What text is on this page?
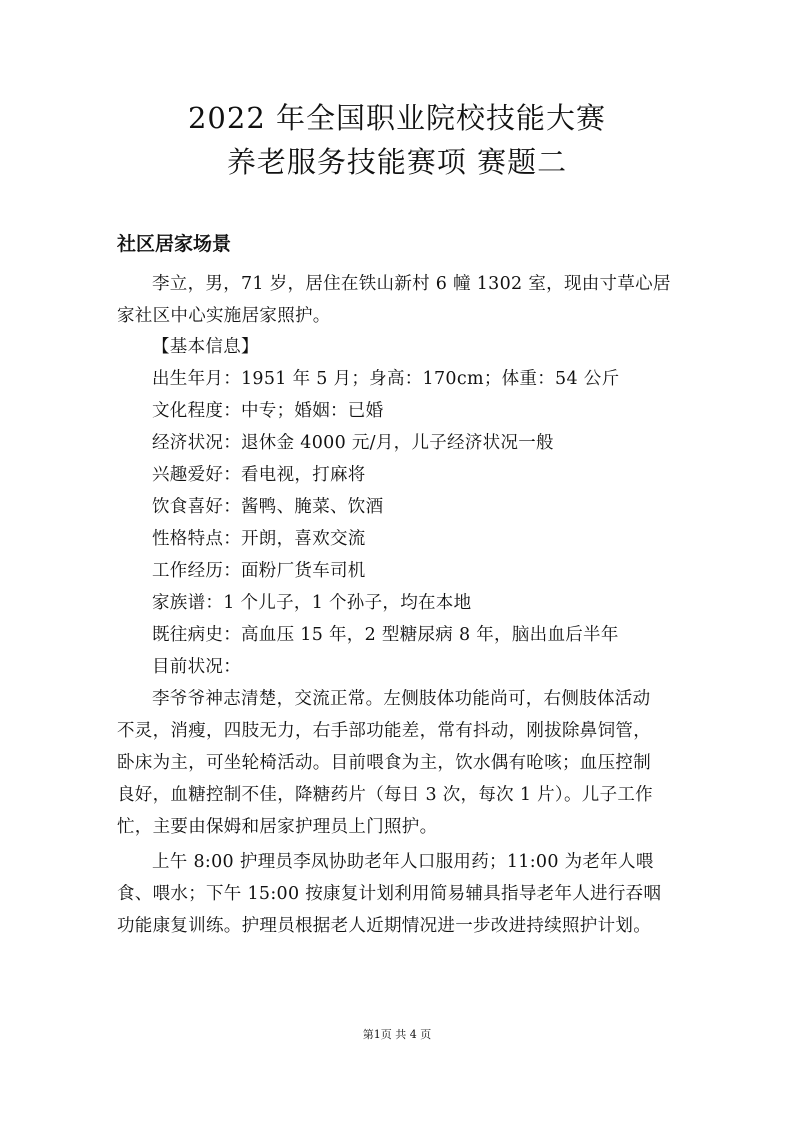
2022 年全国职业院校技能大赛
养老服务技能赛项 赛题二
社区居家场景
李立，男，71 岁，居住在铁山新村 6 幢 1302 室，现由寸草心居
家社区中心实施居家照护。
【基本信息】
出生年月：1951 年 5 月；身高：170cm；体重：54 公斤
文化程度：中专；婚姻：已婚
经济状况：退休金 4000 元/月，儿子经济状况一般
兴趣爱好：看电视，打麻将
饮食喜好：酱鸭、腌菜、饮酒
性格特点：开朗，喜欢交流
工作经历：面粉厂货车司机
家族谱：1 个儿子，1 个孙子，均在本地
既往病史：高血压 15 年，2 型糖尿病 8 年，脑出血后半年
目前状况：
李爷爷神志清楚，交流正常。左侧肢体功能尚可，右侧肢体活动
不灵，消瘦，四肢无力，右手部功能差，常有抖动，刚拔除鼻饲管，
卧床为主，可坐轮椅活动。目前喂食为主，饮水偶有呛咳；血压控制
良好，血糖控制不佳，降糖药片（每日 3 次，每次 1 片）。儿子工作
忙，主要由保姆和居家护理员上门照护。
上午 8:00 护理员李凤协助老年人口服用药；11:00 为老年人喂
食、喂水；下午 15:00 按康复计划利用简易辅具指导老年人进行吞咽
功能康复训练。护理员根据老人近期情况进一步改进持续照护计划。
第1页 共 4 页
